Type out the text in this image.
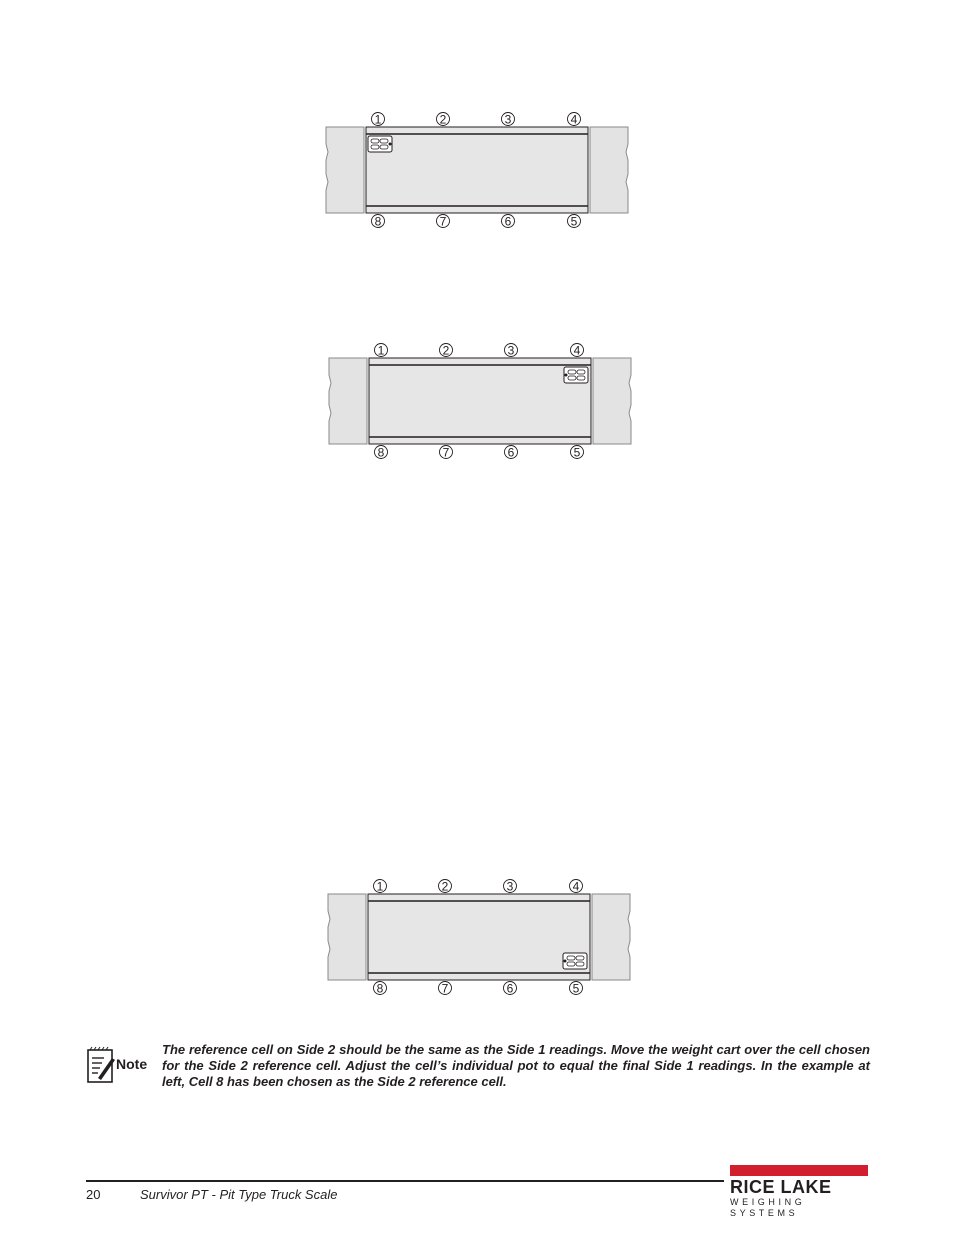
1	2	3	4
8	7	6	5
1	2	3	4
8	7	6	5
1	2	3	4
8	7	6	5
Note
The reference cell on Side 2 should be the same as the Side 1 readings. Move the weight cart over the cell chosen for the Side 2 reference cell. Adjust the cell’s individual pot to equal the final Side 1 readings. In the example at left, Cell 8 has been chosen as the Side 2 reference cell.
20	Survivor PT - Pit Type Truck Scale	RICE LAKE
WEIGHING SYSTEMS
